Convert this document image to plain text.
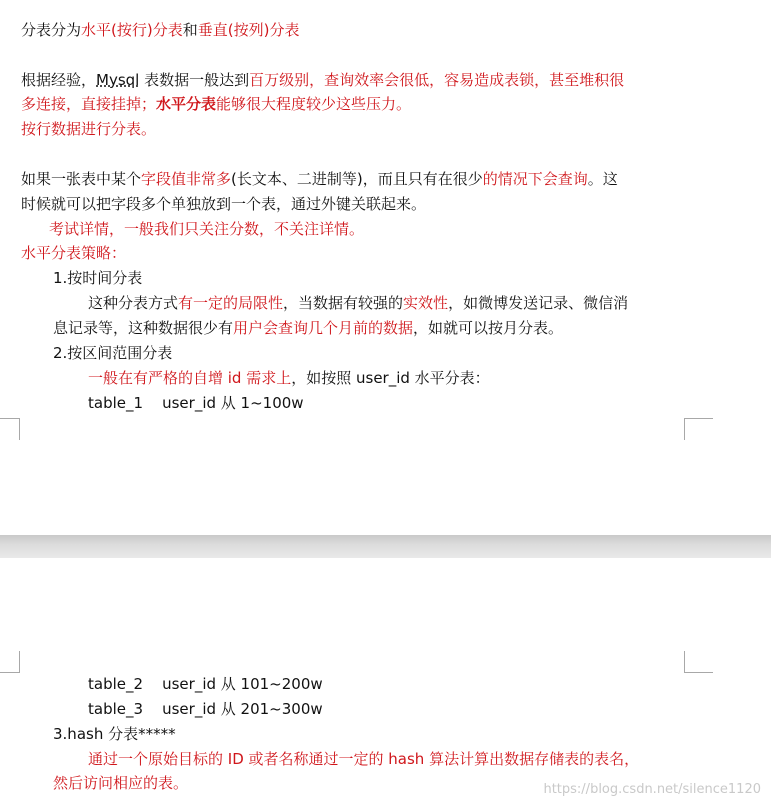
分表分为水平(按行)分表和垂直(按列)分表
根据经验，Mysql 表数据一般达到百万级别，查询效率会很低，容易造成表锁，甚至堆积很
多连接，直接挂掉；水平分表能够很大程度较少这些压力。
按行数据进行分表。
如果一张表中某个字段值非常多(长文本、二进制等)，而且只有在很少的情况下会查询。这
时候就可以把字段多个单独放到一个表，通过外键关联起来。
考试详情，一般我们只关注分数，不关注详情。
水平分表策略：
1.按时间分表
这种分表方式有一定的局限性，当数据有较强的实效性，如微博发送记录、微信消
息记录等，这种数据很少有用户会查询几个月前的数据，如就可以按月分表。
2.按区间范围分表
一般在有严格的自增 id 需求上，如按照 user_id 水平分表：
table_1    user_id 从 1~100w
table_2    user_id 从 101~200w
table_3    user_id 从 201~300w
3.hash 分表*****
通过一个原始目标的 ID 或者名称通过一定的 hash 算法计算出数据存储表的表名，
然后访问相应的表。	https://blog.csdn.net/silence1120
